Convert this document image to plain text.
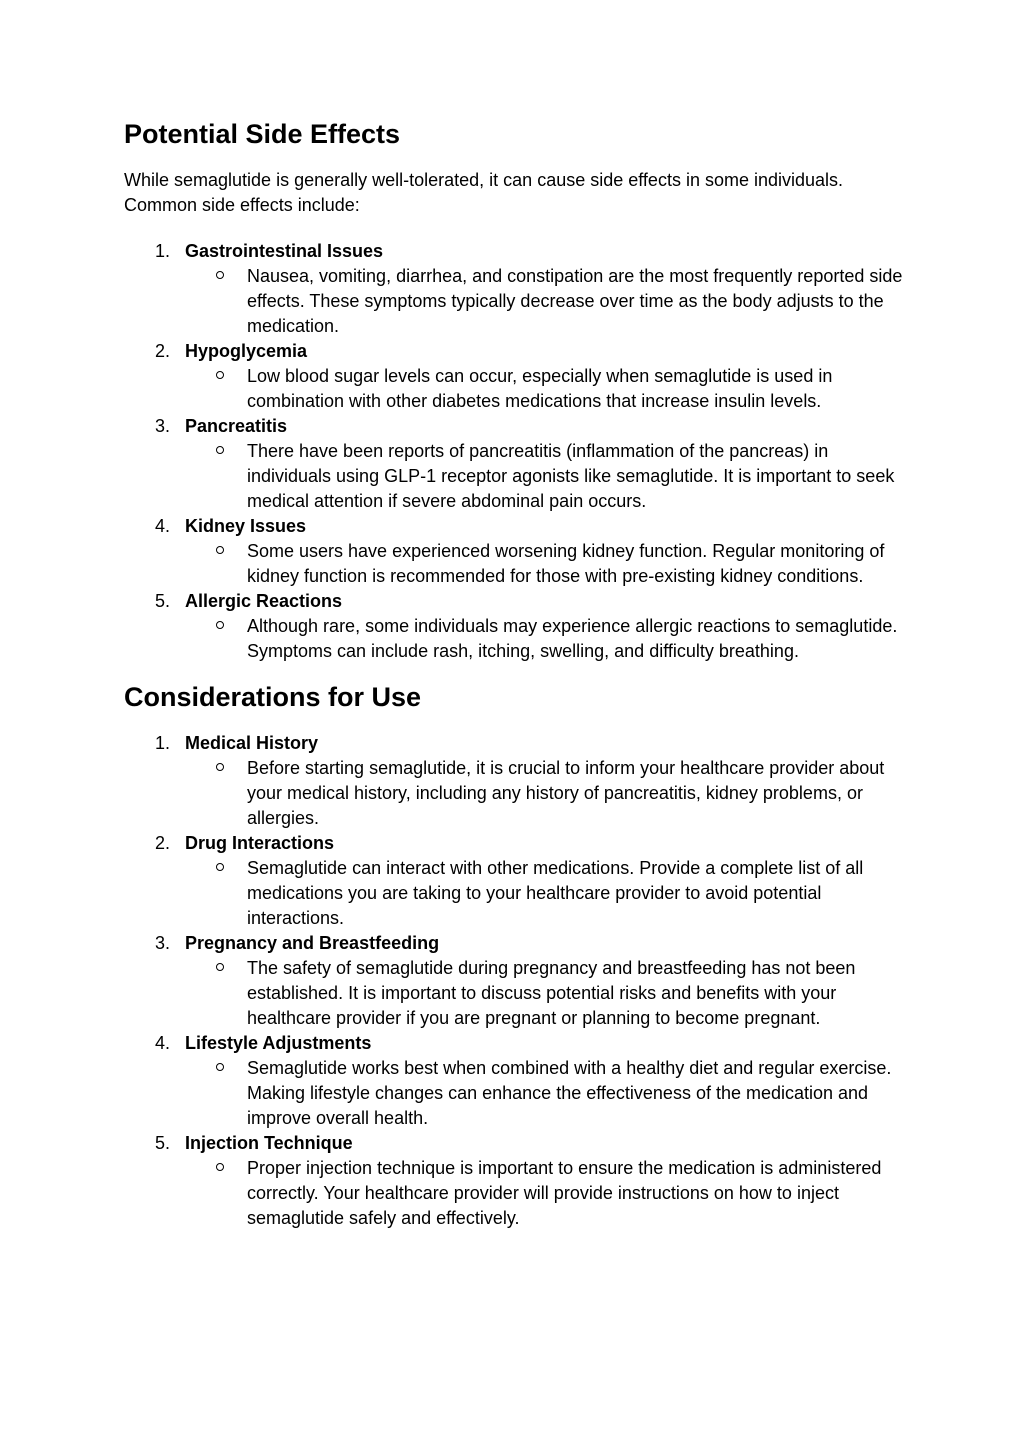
Potential Side Effects

While semaglutide is generally well-tolerated, it can cause side effects in some individuals. Common side effects include:

1. Gastrointestinal Issues
Nausea, vomiting, diarrhea, and constipation are the most frequently reported side effects. These symptoms typically decrease over time as the body adjusts to the medication.
2. Hypoglycemia
Low blood sugar levels can occur, especially when semaglutide is used in combination with other diabetes medications that increase insulin levels.
3. Pancreatitis
There have been reports of pancreatitis (inflammation of the pancreas) in individuals using GLP-1 receptor agonists like semaglutide. It is important to seek medical attention if severe abdominal pain occurs.
4. Kidney Issues
Some users have experienced worsening kidney function. Regular monitoring of kidney function is recommended for those with pre-existing kidney conditions.
5. Allergic Reactions
Although rare, some individuals may experience allergic reactions to semaglutide. Symptoms can include rash, itching, swelling, and difficulty breathing.
Considerations for Use
1. Medical History
Before starting semaglutide, it is crucial to inform your healthcare provider about your medical history, including any history of pancreatitis, kidney problems, or allergies.
2. Drug Interactions
Semaglutide can interact with other medications. Provide a complete list of all medications you are taking to your healthcare provider to avoid potential interactions.
3. Pregnancy and Breastfeeding
The safety of semaglutide during pregnancy and breastfeeding has not been established. It is important to discuss potential risks and benefits with your healthcare provider if you are pregnant or planning to become pregnant.
4. Lifestyle Adjustments
Semaglutide works best when combined with a healthy diet and regular exercise. Making lifestyle changes can enhance the effectiveness of the medication and improve overall health.
5. Injection Technique
Proper injection technique is important to ensure the medication is administered correctly. Your healthcare provider will provide instructions on how to inject semaglutide safely and effectively.
